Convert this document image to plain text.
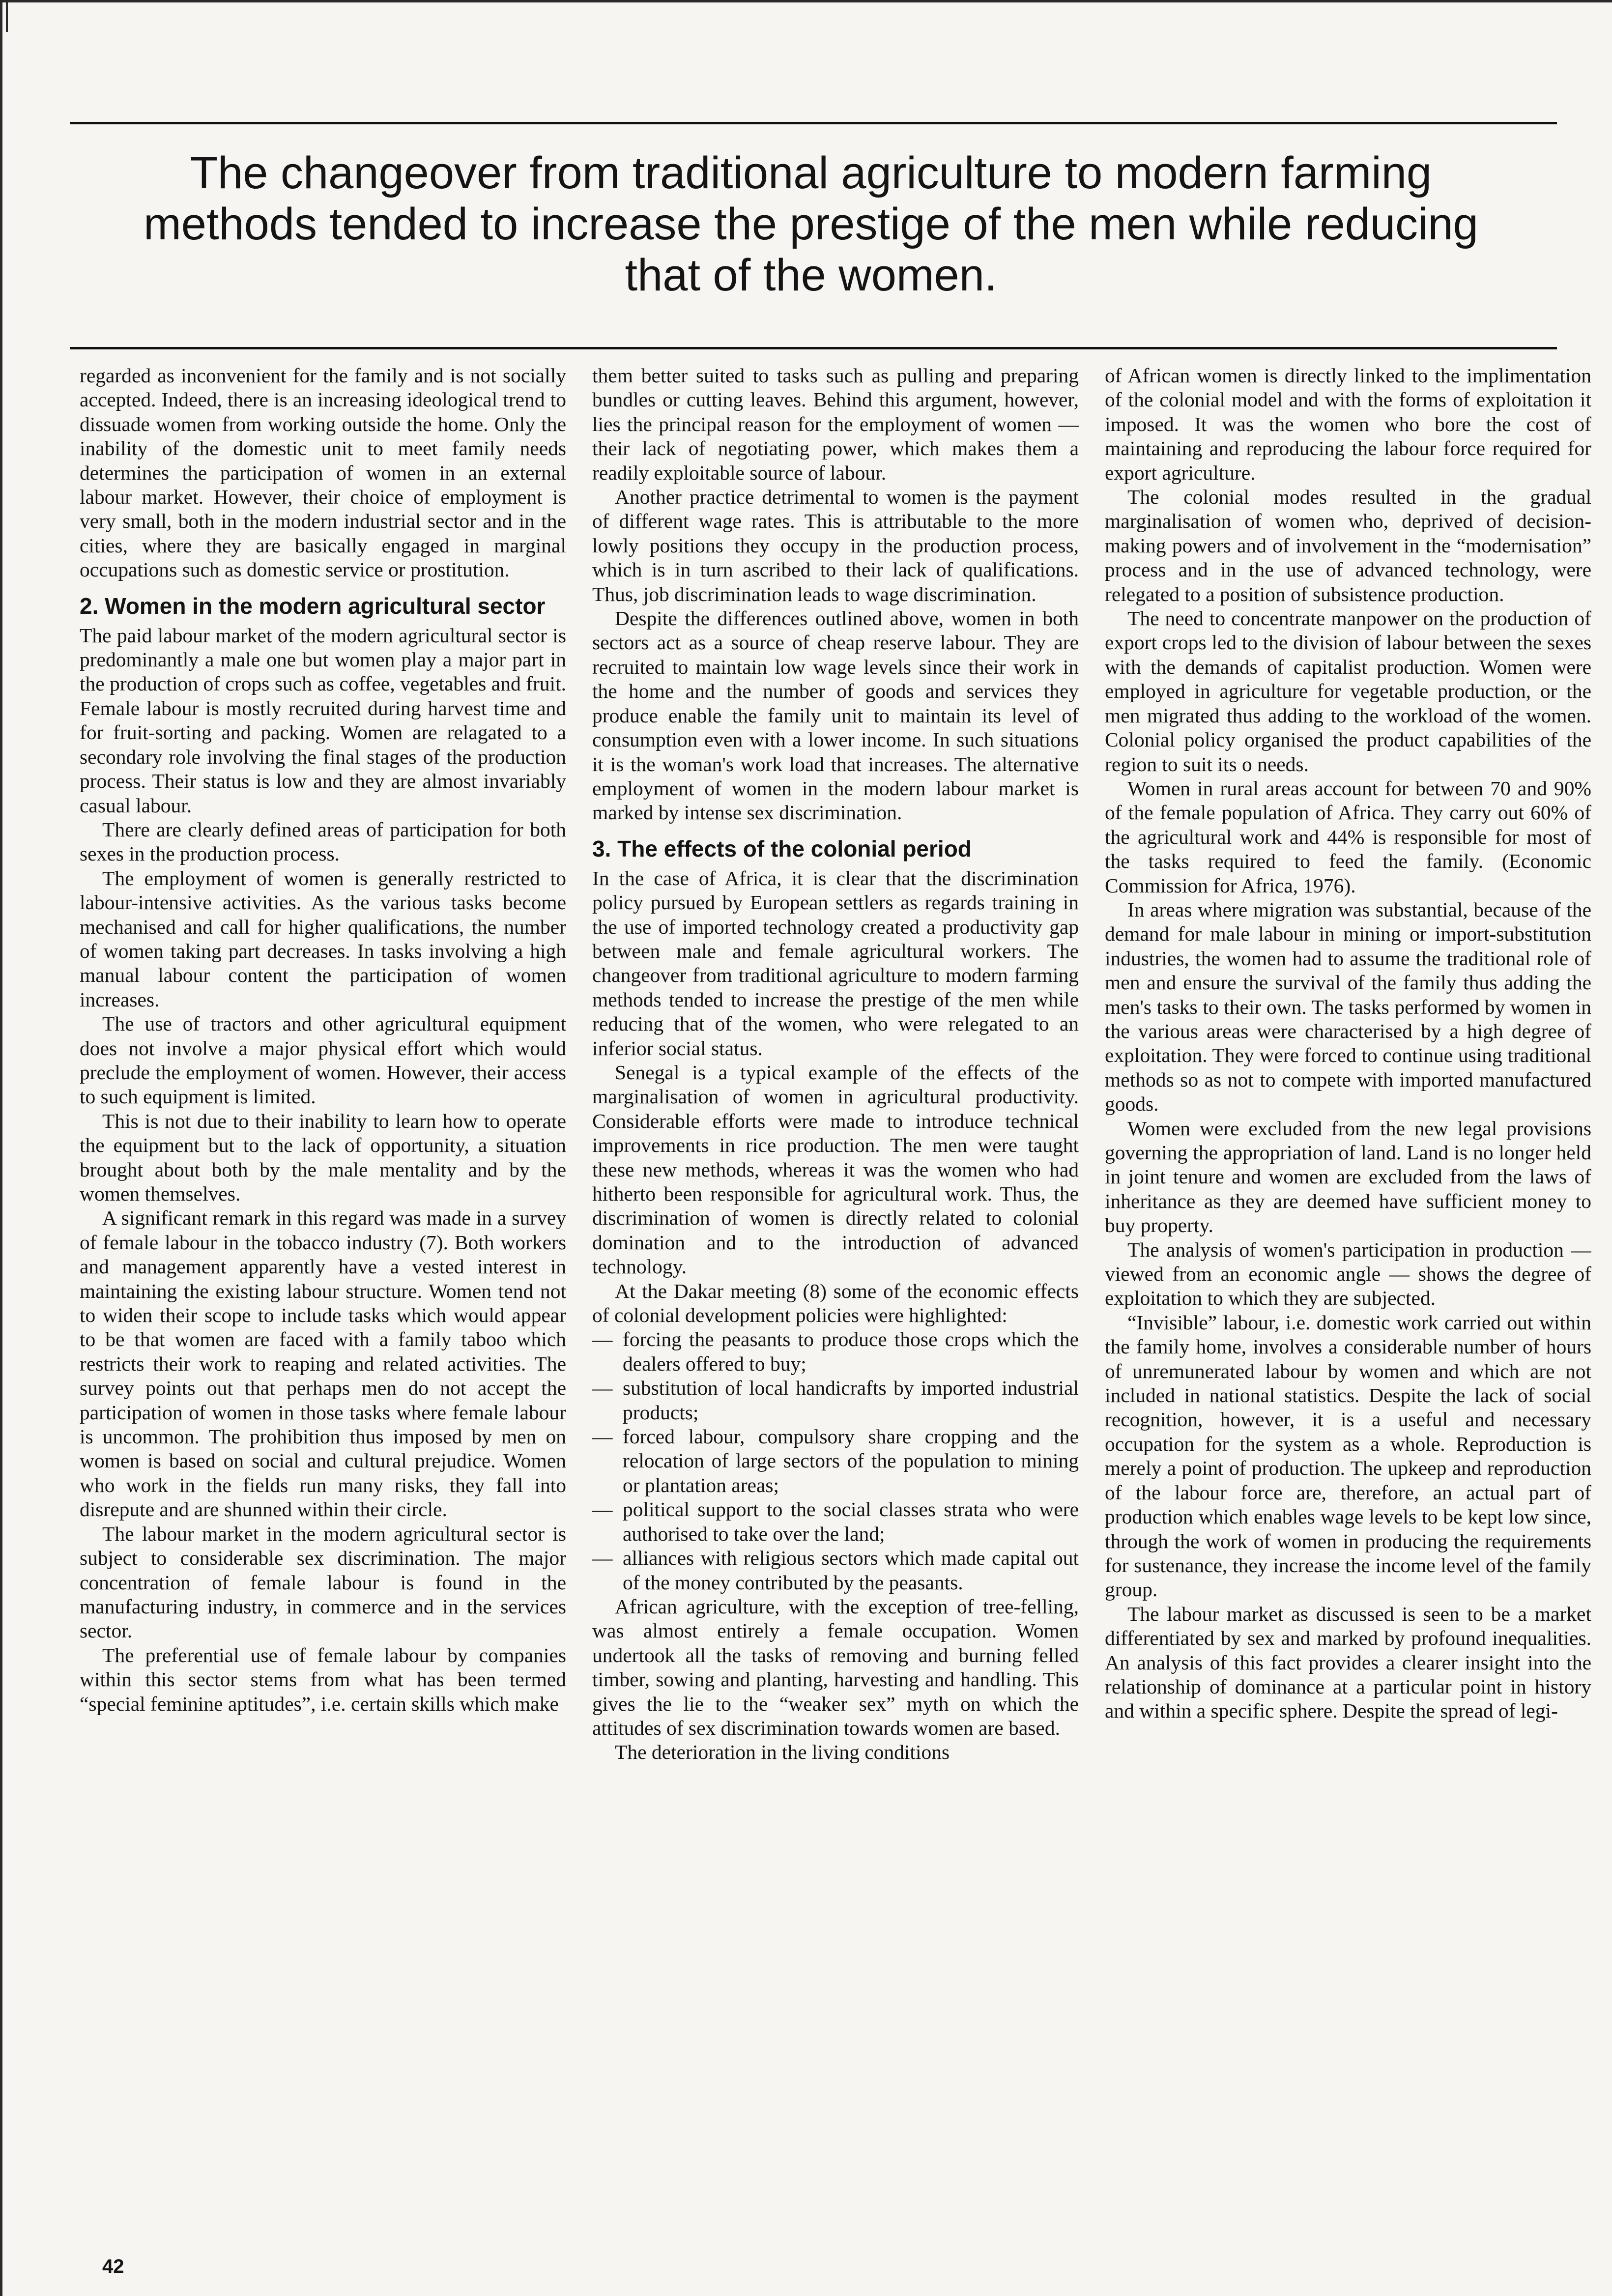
The changeover from traditional agriculture to modern farming methods tended to increase the prestige of the men while reducing that of the women.

regarded as inconvenient for the family and is not socially accepted. Indeed, there is an increasing ideological trend to dissuade women from working outside the home. Only the inability of the domestic unit to meet family needs determines the participation of women in an external labour market. However, their choice of employment is very small, both in the modern industrial sector and in the cities, where they are basically engaged in marginal occupations such as domestic service or prostitution.

2. Women in the modern agricultural sector

The paid labour market of the modern agricultural sector is predominantly a male one but women play a major part in the production of crops such as coffee, vegetables and fruit. Female labour is mostly recruited during harvest time and for fruit-sorting and packing. Women are relagated to a secondary role involving the final stages of the production process. Their status is low and they are almost invariably casual labour.

There are clearly defined areas of participation for both sexes in the production process.

The employment of women is generally restricted to labour-intensive activities. As the various tasks become mechanised and call for higher qualifications, the number of women taking part decreases. In tasks involving a high manual labour content the participation of women increases.

The use of tractors and other agricultural equipment does not involve a major physical effort which would preclude the employment of women. However, their access to such equipment is limited.

This is not due to their inability to learn how to operate the equipment but to the lack of opportunity, a situation brought about both by the male mentality and by the women themselves.

A significant remark in this regard was made in a survey of female labour in the tobacco industry (7). Both workers and management apparently have a vested interest in maintaining the existing labour structure. Women tend not to widen their scope to include tasks which would appear to be that women are faced with a family taboo which restricts their work to reaping and related activities. The survey points out that perhaps men do not accept the participation of women in those tasks where female labour is uncommon. The prohibition thus imposed by men on women is based on social and cultural prejudice. Women who work in the fields run many risks, they fall into disrepute and are shunned within their circle.

The labour market in the modern agricultural sector is subject to considerable sex discrimination. The major concentration of female labour is found in the manufacturing industry, in commerce and in the services sector.

The preferential use of female labour by companies within this sector stems from what has been termed “special feminine aptitudes”, i.e. certain skills which make

them better suited to tasks such as pulling and preparing bundles or cutting leaves. Behind this argument, however, lies the principal reason for the employment of women — their lack of negotiating power, which makes them a readily exploitable source of labour.

Another practice detrimental to women is the payment of different wage rates. This is attributable to the more lowly positions they occupy in the production process, which is in turn ascribed to their lack of qualifications. Thus, job discrimination leads to wage discrimination.

Despite the differences outlined above, women in both sectors act as a source of cheap reserve labour. They are recruited to maintain low wage levels since their work in the home and the number of goods and services they produce enable the family unit to maintain its level of consumption even with a lower income. In such situations it is the woman's work load that increases. The alternative employment of women in the modern labour market is marked by intense sex discrimination.

3. The effects of the colonial period

In the case of Africa, it is clear that the discrimination policy pursued by European settlers as regards training in the use of imported technology created a productivity gap between male and female agricultural workers. The changeover from traditional agriculture to modern farming methods tended to increase the prestige of the men while reducing that of the women, who were relegated to an inferior social status.

Senegal is a typical example of the effects of the marginalisation of women in agricultural productivity. Considerable efforts were made to introduce technical improvements in rice production. The men were taught these new methods, whereas it was the women who had hitherto been responsible for agricultural work. Thus, the discrimination of women is directly related to colonial domination and to the introduction of advanced technology.

At the Dakar meeting (8) some of the economic effects of colonial development policies were highlighted:

— forcing the peasants to produce those crops which the dealers offered to buy;
— substitution of local handicrafts by imported industrial products;
— forced labour, compulsory share cropping and the relocation of large sectors of the population to mining or plantation areas;
— political support to the social classes strata who were authorised to take over the land;
— alliances with religious sectors which made capital out of the money contributed by the peasants.

African agriculture, with the exception of tree-felling, was almost entirely a female occupation. Women undertook all the tasks of removing and burning felled timber, sowing and planting, harvesting and handling. This gives the lie to the “weaker sex” myth on which the attitudes of sex discrimination towards women are based.

The deterioration in the living conditions

of African women is directly linked to the implimentation of the colonial model and with the forms of exploitation it imposed. It was the women who bore the cost of maintaining and reproducing the labour force required for export agriculture.

The colonial modes resulted in the gradual marginalisation of women who, deprived of decision-making powers and of involvement in the “modernisation” process and in the use of advanced technology, were relegated to a position of subsistence production.

The need to concentrate manpower on the production of export crops led to the division of labour between the sexes with the demands of capitalist production. Women were employed in agriculture for vegetable production, or the men migrated thus adding to the workload of the women. Colonial policy organised the product capabilities of the region to suit its o needs.

Women in rural areas account for between 70 and 90% of the female population of Africa. They carry out 60% of the agricultural work and 44% is responsible for most of the tasks required to feed the family. (Economic Commission for Africa, 1976).

In areas where migration was substantial, because of the demand for male labour in mining or import-substitution industries, the women had to assume the traditional role of men and ensure the survival of the family thus adding the men's tasks to their own. The tasks performed by women in the various areas were characterised by a high degree of exploitation. They were forced to continue using traditional methods so as not to compete with imported manufactured goods.

Women were excluded from the new legal provisions governing the appropriation of land. Land is no longer held in joint tenure and women are excluded from the laws of inheritance as they are deemed have sufficient money to buy property.

The analysis of women's participation in production — viewed from an economic angle — shows the degree of exploitation to which they are subjected.

“Invisible” labour, i.e. domestic work carried out within the family home, involves a considerable number of hours of unremunerated labour by women and which are not included in national statistics. Despite the lack of social recognition, however, it is a useful and necessary occupation for the system as a whole. Reproduction is merely a point of production. The upkeep and reproduction of the labour force are, therefore, an actual part of production which enables wage levels to be kept low since, through the work of women in producing the requirements for sustenance, they increase the income level of the family group.

The labour market as discussed is seen to be a market differentiated by sex and marked by profound inequalities. An analysis of this fact provides a clearer insight into the relationship of dominance at a particular point in history and within a specific sphere. Despite the spread of legi-

42
